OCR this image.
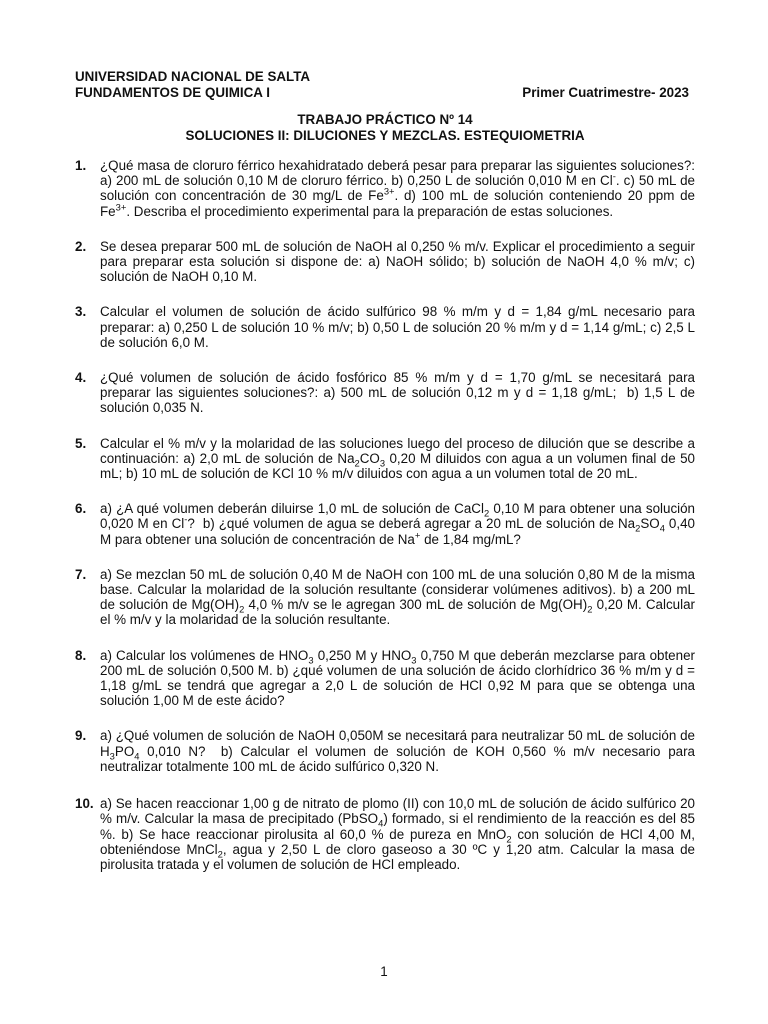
UNIVERSIDAD NACIONAL DE SALTA
FUNDAMENTOS DE QUIMICA I	Primer Cuatrimestre- 2023
TRABAJO PRÁCTICO Nº 14
SOLUCIONES II: DILUCIONES Y MEZCLAS. ESTEQUIOMETRIA
1.	¿Qué masa de cloruro férrico hexahidratado deberá pesar para preparar las siguientes soluciones?: a) 200 mL de solución 0,10 M de cloruro férrico. b) 0,250 L de solución 0,010 M en Cl-. c) 50 mL de solución con concentración de 30 mg/L de $Fe^{3+}$. d) 100 mL de solución conteniendo 20 ppm de $Fe^{3+}$. Describa el procedimiento experimental para la preparación de estas soluciones.
2.	Se desea preparar 500 mL de solución de NaOH al 0,250 % m/v. Explicar el procedimiento a seguir para preparar esta solución si dispone de: a) NaOH sólido; b) solución de NaOH 4,0 % m/v; c) solución de NaOH 0,10 M.
3.	Calcular el volumen de solución de ácido sulfúrico 98 % m/m y d = 1,84 g/mL necesario para preparar: a) 0,250 L de solución 10 % m/v; b) 0,50 L de solución 20 % m/m y d = 1,14 g/mL; c) 2,5 L de solución 6,0 M.
4.	¿Qué volumen de solución de ácido fosfórico 85 % m/m y d = 1,70 g/mL se necesitará para preparar las siguientes soluciones?: a) 500 mL de solución 0,12 m y d = 1,18 g/mL;  b) 1,5 L de solución 0,035 N.
5.	Calcular el % m/v y la molaridad de las soluciones luego del proceso de dilución que se describe a continuación: a) 2,0 mL de solución de $Na_2CO_3$ 0,20 M diluidos con agua a un volumen final de 50 mL; b) 10 mL de solución de KCl 10 % m/v diluidos con agua a un volumen total de 20 mL.
6.	a) ¿A qué volumen deberán diluirse 1,0 mL de solución de CaCl$_2$ 0,10 M para obtener una solución 0,020 M en Cl-?  b) ¿qué volumen de agua se deberá agregar a 20 mL de solución de $Na_2SO_4$ 0,40 M para obtener una solución de concentración de Na+ de 1,84 mg/mL?
7.	a) Se mezclan 50 mL de solución 0,40 M de NaOH con 100 mL de una solución 0,80 M de la misma base. Calcular la molaridad de la solución resultante (considerar volúmenes aditivos). b) a 200 mL de solución de $Mg(OH)_2$ 4,0 % m/v se le agregan 300 mL de solución de $Mg(OH)_2$ 0,20 M. Calcular el % m/v y la molaridad de la solución resultante.
8.	a) Calcular los volúmenes de $HNO_3$ 0,250 M y $HNO_3$ 0,750 M que deberán mezclarse para obtener 200 mL de solución 0,500 M. b) ¿qué volumen de una solución de ácido clorhídrico 36 % m/m y d = 1,18 g/mL se tendrá que agregar a 2,0 L de solución de HCl 0,92 M para que se obtenga una solución 1,00 M de este ácido?
9.	a) ¿Qué volumen de solución de NaOH 0,050M se necesitará para neutralizar 50 mL de solución de $H_3PO_4$ 0,010 N?  b) Calcular el volumen de solución de KOH 0,560 % m/v necesario para neutralizar totalmente 100 mL de ácido sulfúrico 0,320 N.
10. a) Se hacen reaccionar 1,00 g de nitrato de plomo (II) con 10,0 mL de solución de ácido sulfúrico 20 % m/v. Calcular la masa de precipitado (PbSO$_4$) formado, si el rendimiento de la reacción es del 85 %. b) Se hace reaccionar pirolusita al 60,0 % de pureza en MnO$_2$ con solución de HCl 4,00 M, obteniéndose MnCl$_2$, agua y 2,50 L de cloro gaseoso a 30 ºC y 1,20 atm. Calcular la masa de pirolusita tratada y el volumen de solución de HCl empleado.
1
